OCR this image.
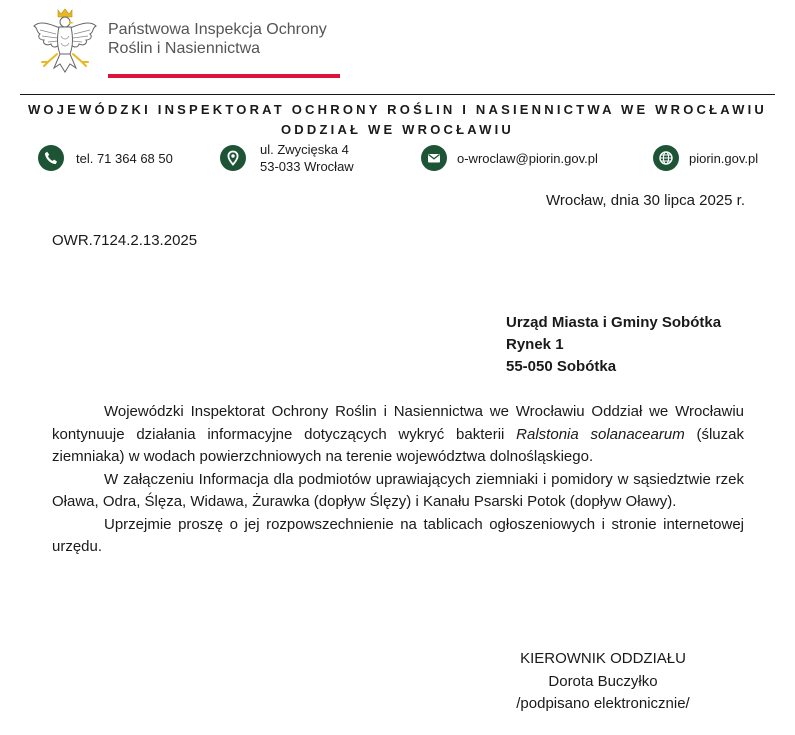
Państwowa Inspekcja Ochrony
Roślin i Nasiennictwa
WOJEWÓDZKI INSPEKTORAT OCHRONY ROŚLIN I NASIENNICTWA WE WROCŁAWIU
ODDZIAŁ WE WROCŁAWIU
tel. 71 364 68 50
ul. Zwycięska 4
53-033 Wrocław
o-wroclaw@piorin.gov.pl	piorin.gov.pl
Wrocław, dnia 30 lipca 2025 r.
OWR.7124.2.13.2025
Urząd Miasta i Gminy Sobótka
Rynek 1
55-050 Sobótka

Wojewódzki Inspektorat Ochrony Roślin i Nasiennictwa we Wrocławiu Oddział we Wrocławiu kontynuuje działania informacyjne dotyczących wykryć bakterii Ralstonia solanacearum (śluzak ziemniaka) w wodach powierzchniowych na terenie województwa dolnośląskiego.

W załączeniu Informacja dla podmiotów uprawiających ziemniaki i pomidory w sąsiedztwie rzek Oława, Odra, Ślęza, Widawa, Żurawka (dopływ Ślęzy) i Kanału Psarski Potok (dopływ Oławy).

Uprzejmie proszę o jej rozpowszechnienie na tablicach ogłoszeniowych i stronie internetowej urzędu.

KIEROWNIK ODDZIAŁU
Dorota Buczyłko
/podpisano elektronicznie/
